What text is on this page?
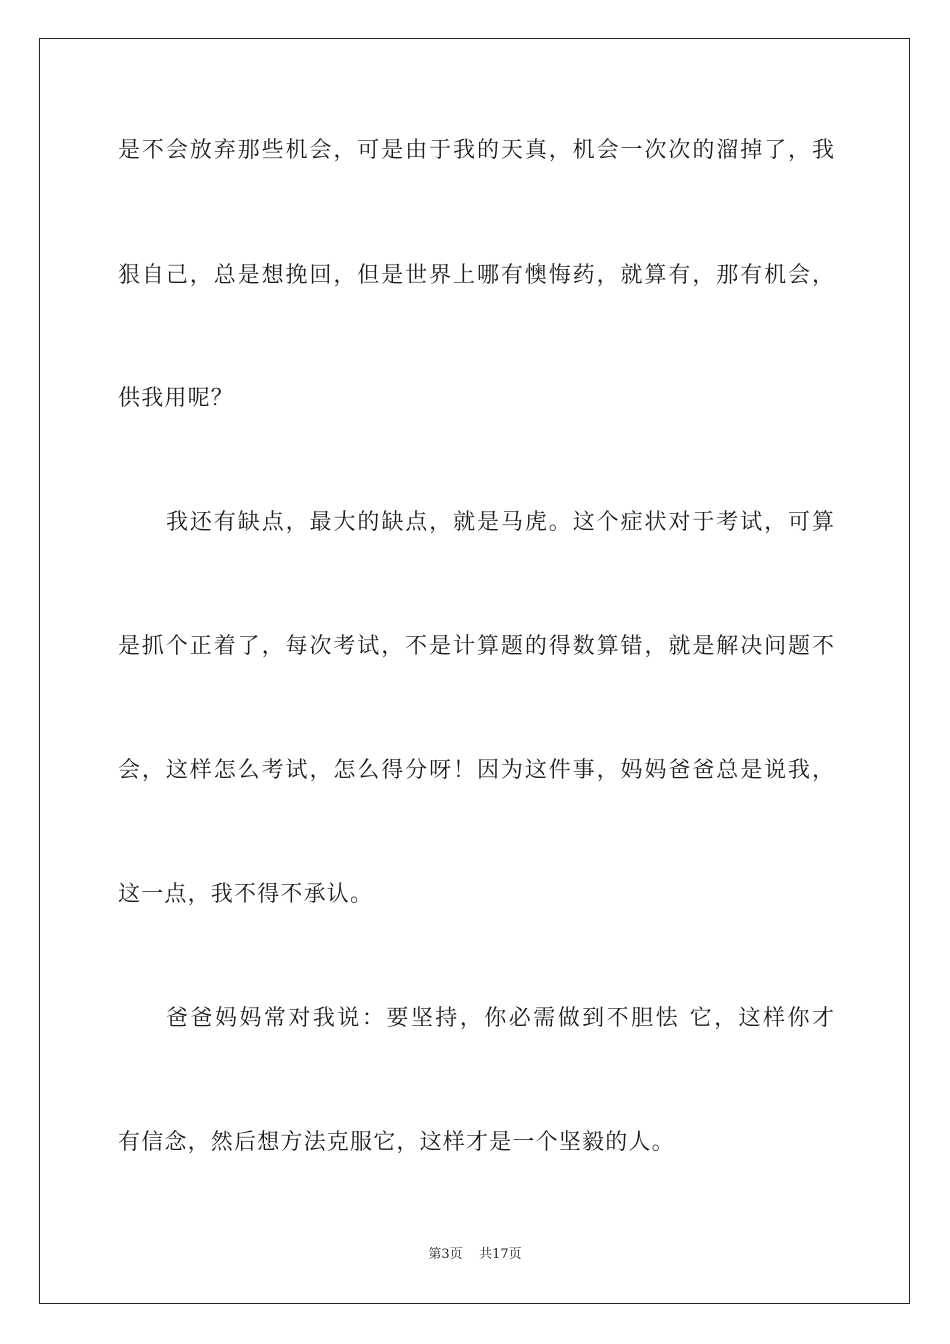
是不会放弃那些机会，可是由于我的天真，机会一次次的溜掉了，我
狠自己，总是想挽回，但是世界上哪有懊悔药，就算有，那有机会，
供我用呢？
我还有缺点，最大的缺点，就是马虎。这个症状对于考试，可算
是抓个正着了，每次考试，不是计算题的得数算错，就是解决问题不
会，这样怎么考试，怎么得分呀！因为这件事，妈妈爸爸总是说我，
这一点，我不得不承认。
爸爸妈妈常对我说：要坚持，你必需做到不胆怯 它，这样你才
有信念，然后想方法克服它，这样才是一个坚毅的人。
第3页 共17页
